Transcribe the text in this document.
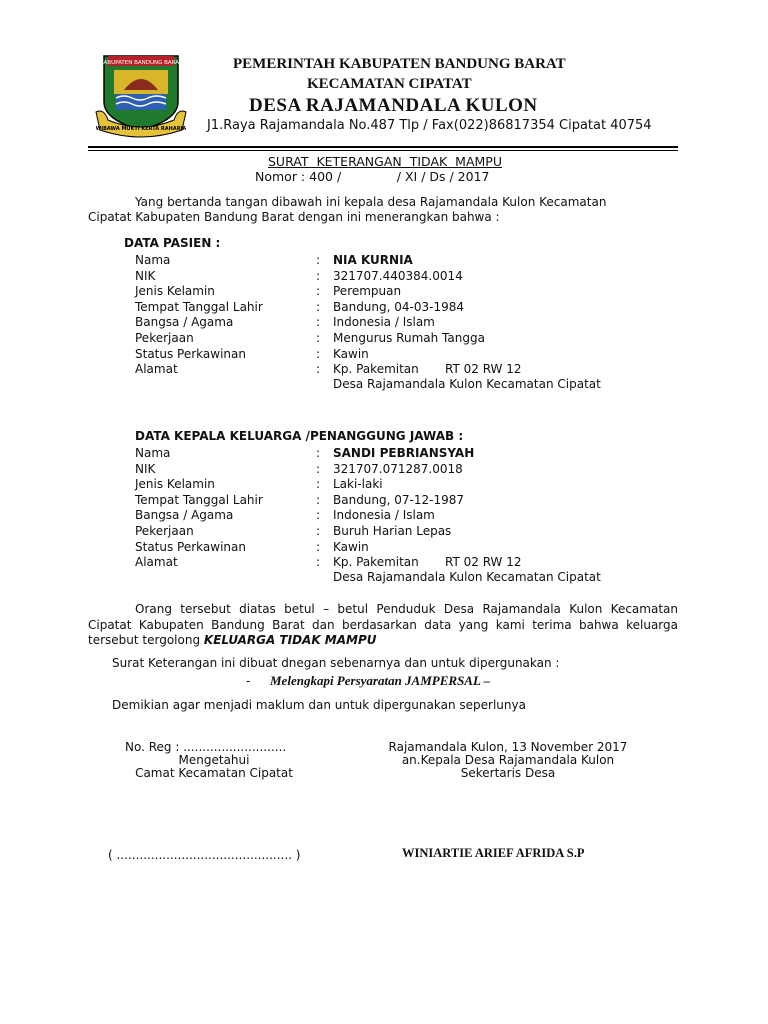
KABUPATEN BANDUNG BARAT
WIBAWA MUKTI KERTA RAHARJA
PEMERINTAH KABUPATEN BANDUNG BARAT
KECAMATAN CIPATAT
DESA RAJAMANDALA KULON
J1.Raya Rajamandala No.487 Tlp / Fax(022)86817354 Cipatat 40754
SURAT KETERANGAN TIDAK MAMPU
Nomor : 400 /              / XI / Ds / 2017
Yang bertanda tangan dibawah ini kepala desa Rajamandala Kulon Kecamatan
Cipatat Kabupaten Bandung Barat dengan ini menerangkan bahwa :
DATA PASIEN :
Nama	: NIA KURNIA
NIK	: 321707.440384.0014
Jenis Kelamin	: Perempuan
Tempat Tanggal Lahir	: Bandung, 04-03-1984
Bangsa / Agama	: Indonesia / Islam
Pekerjaan	: Mengurus Rumah Tangga
Status Perkawinan	: Kawin
Alamat	: Kp. Pakemitan RT 02 RW 12
Desa Rajamandala Kulon Kecamatan Cipatat
DATA KEPALA KELUARGA /PENANGGUNG JAWAB :
Nama	: SANDI PEBRIANSYAH
NIK	: 321707.071287.0018
Jenis Kelamin	: Laki-laki
Tempat Tanggal Lahir	: Bandung, 07-12-1987
Bangsa / Agama	: Indonesia / Islam
Pekerjaan	: Buruh Harian Lepas
Status Perkawinan	: Kawin
Alamat	: Kp. Pakemitan RT 02 RW 12
Desa Rajamandala Kulon Kecamatan Cipatat
Orang tersebut diatas betul – betul Penduduk Desa Rajamandala Kulon Kecamatan Cipatat Kabupaten Bandung Barat dan berdasarkan data yang kami terima bahwa keluarga tersebut tergolong KELUARGA TIDAK MAMPU
Surat Keterangan ini dibuat dnegan sebenarnya dan untuk dipergunakan :
- Melengkapi Persyaratan JAMPERSAL –
Demikian agar menjadi maklum dan untuk dipergunakan seperlunya
No. Reg : ...........................
Mengetahui
Camat Kecamatan Cipatat
( .............................................. )
Rajamandala Kulon, 13 November 2017
an.Kepala Desa Rajamandala Kulon
Sekertaris Desa
WINIARTIE ARIEF AFRIDA S.P
